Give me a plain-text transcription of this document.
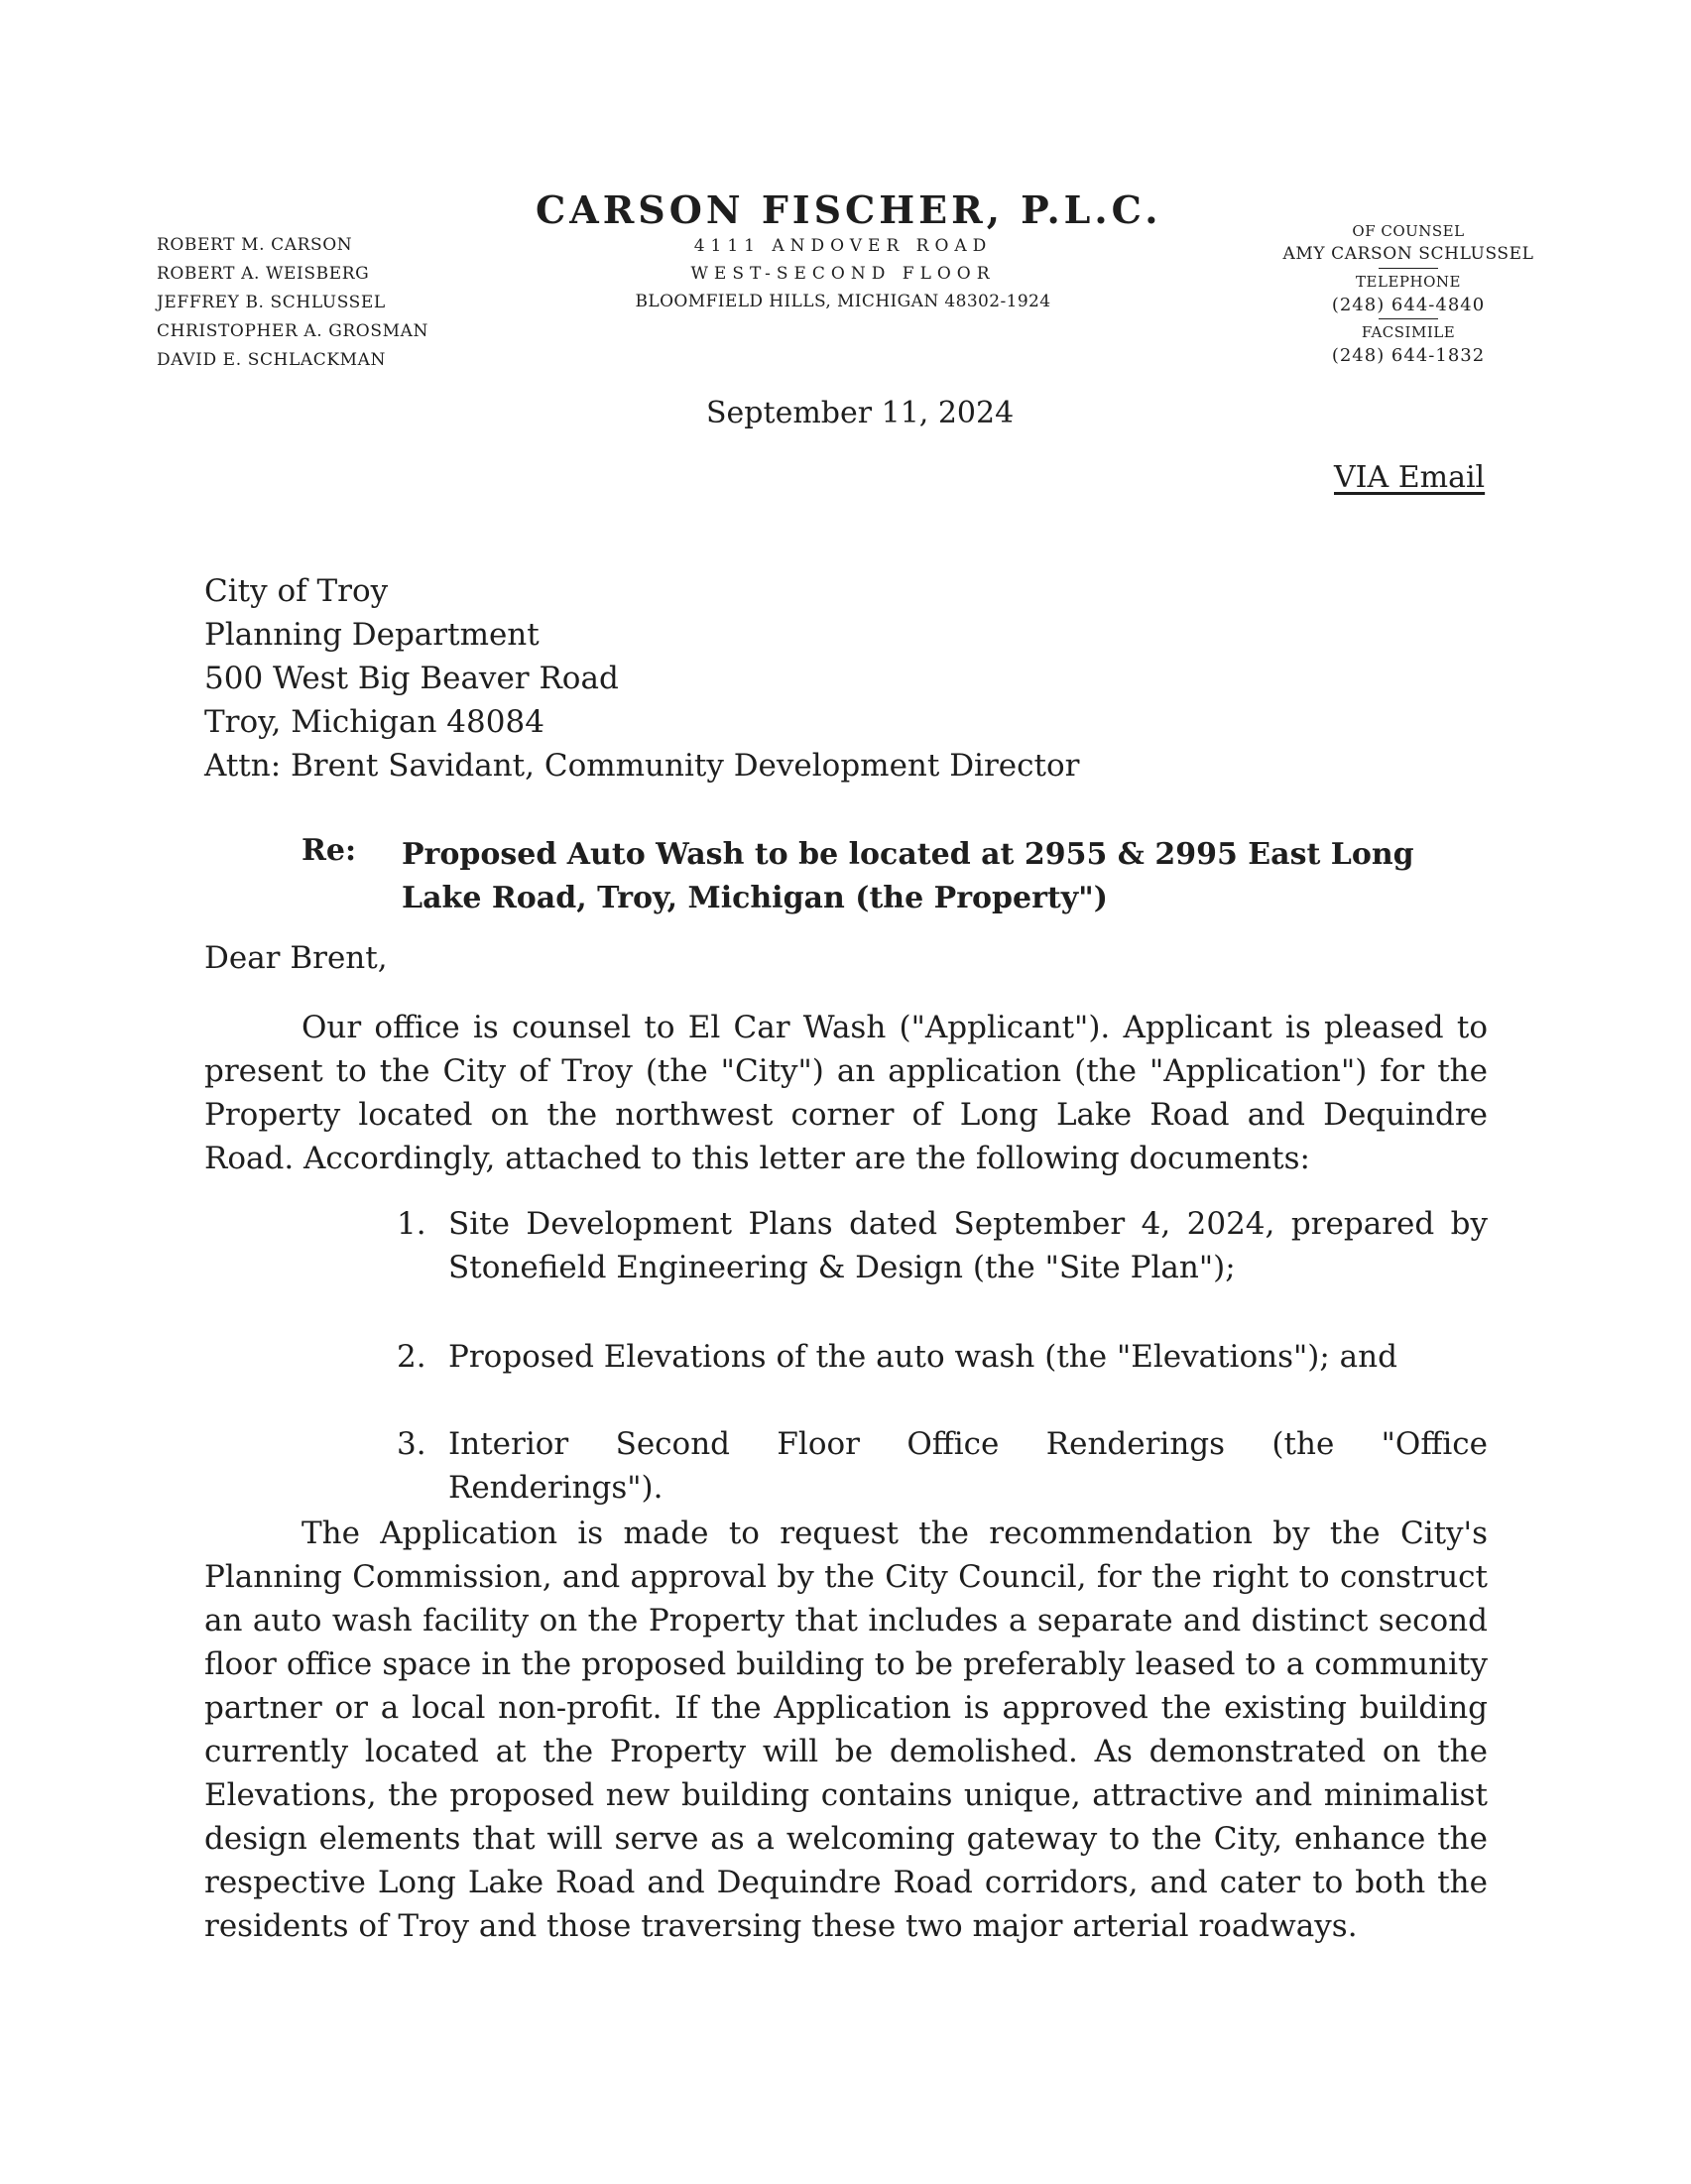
ROBERT M. CARSON
ROBERT A. WEISBERG
JEFFREY B. SCHLUSSEL
CHRISTOPHER A. GROSMAN
DAVID E. SCHLACKMAN
CARSON FISCHER, P.L.C.
4111 ANDOVER ROAD
WEST-SECOND FLOOR
BLOOMFIELD HILLS, MICHIGAN 48302-1924
OF COUNSEL
AMY CARSON SCHLUSSEL
TELEPHONE
(248) 644-4840
FACSIMILE
(248) 644-1832
September 11, 2024
VIA Email
City of Troy
Planning Department
500 West Big Beaver Road
Troy, Michigan 48084
Attn: Brent Savidant, Community Development Director
Re: Proposed Auto Wash to be located at 2955 & 2995 East Long Lake Road, Troy, Michigan (the Property")
Dear Brent,
Our office is counsel to El Car Wash ("Applicant"). Applicant is pleased to present to the City of Troy (the "City") an application (the "Application") for the Property located on the northwest corner of Long Lake Road and Dequindre Road. Accordingly, attached to this letter are the following documents:
1. Site Development Plans dated September 4, 2024, prepared by Stonefield Engineering & Design (the "Site Plan");
2. Proposed Elevations of the auto wash (the "Elevations"); and
3. Interior Second Floor Office Renderings (the "Office Renderings").
The Application is made to request the recommendation by the City's Planning Commission, and approval by the City Council, for the right to construct an auto wash facility on the Property that includes a separate and distinct second floor office space in the proposed building to be preferably leased to a community partner or a local non-profit. If the Application is approved the existing building currently located at the Property will be demolished. As demonstrated on the Elevations, the proposed new building contains unique, attractive and minimalist design elements that will serve as a welcoming gateway to the City, enhance the respective Long Lake Road and Dequindre Road corridors, and cater to both the residents of Troy and those traversing these two major arterial roadways.
